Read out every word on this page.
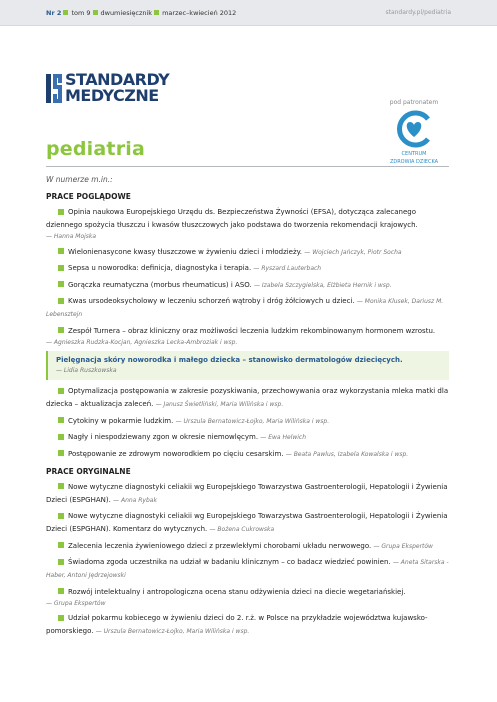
Nr 2 tom 9 dwumiesięcznik marzec–kwiecień 2012	standardy.pl/pediatria
STANDARDY
MEDYCZNE	pod patronatem
CENTRUM
ZDROWIA DZIECKA
pediatria
W numerze m.in.:
PRACE POGLĄDOWE
Opinia naukowa Europejskiego Urzędu ds. Bezpieczeństwa Żywności (EFSA), dotycząca zalecanego dziennego spożycia tłuszczu i kwasów tłuszczowych jako podstawa do tworzenia rekomendacji krajowych.
— Hanna Mojska
Wielonienasycone kwasy tłuszczowe w żywieniu dzieci i młodzieży. — Wojciech Jańczyk, Piotr Socha
Sepsa u noworodka: definicja, diagnostyka i terapia. — Ryszard Lauterbach
Gorączka reumatyczna (morbus rheumaticus) i ASO. — Izabela Szczygielska, Elżbieta Hernik i wsp.
Kwas ursodeoksycholowy w leczeniu schorzeń wątroby i dróg żółciowych u dzieci. — Monika Klusek, Dariusz M. Lebensztejn
Zespół Turnera – obraz kliniczny oraz możliwości leczenia ludzkim rekombinowanym hormonem wzrostu.
— Agnieszka Rudzka-Kocjan, Agnieszka Lecka-Ambroziak i wsp.
Pielęgnacja skóry noworodka i małego dziecka – stanowisko dermatologów dziecięcych.
— Lidia Ruszkowska
Optymalizacja postępowania w zakresie pozyskiwania, przechowywania oraz wykorzystania mleka matki dla dziecka – aktualizacja zaleceń. — Janusz Świetliński, Maria Wilińska i wsp.
Cytokiny w pokarmie ludzkim. — Urszula Bernatowicz-Łojko, Maria Wilińska i wsp.
Nagły i niespodziewany zgon w okresie niemowlęcym. — Ewa Helwich
Postępowanie ze zdrowym noworodkiem po cięciu cesarskim. — Beata Pawlus, Izabela Kowalska i wsp.
PRACE ORYGINALNE
Nowe wytyczne diagnostyki celiakii wg Europejskiego Towarzystwa Gastroenterologii, Hepatologii i Żywienia Dzieci (ESPGHAN). — Anna Rybak
Nowe wytyczne diagnostyki celiakii wg Europejskiego Towarzystwa Gastroenterologii, Hepatologii i Żywienia Dzieci (ESPGHAN). Komentarz do wytycznych. — Bożena Cukrowska
Zalecenia leczenia żywieniowego dzieci z przewlekłymi chorobami układu nerwowego. — Grupa Ekspertów
Świadoma zgoda uczestnika na udział w badaniu klinicznym – co badacz wiedzieć powinien. — Aneta Sitarska - Haber, Antoni Jędrzejowski
Rozwój intelektualny i antropologiczna ocena stanu odżywienia dzieci na diecie wegetariańskiej.
— Grupa Ekspertów
Udział pokarmu kobiecego w żywieniu dzieci do 2. r.ż. w Polsce na przykładzie województwa kujawsko-pomorskiego. — Urszula Bernatowicz-Łojko, Maria Wilińska i wsp.
